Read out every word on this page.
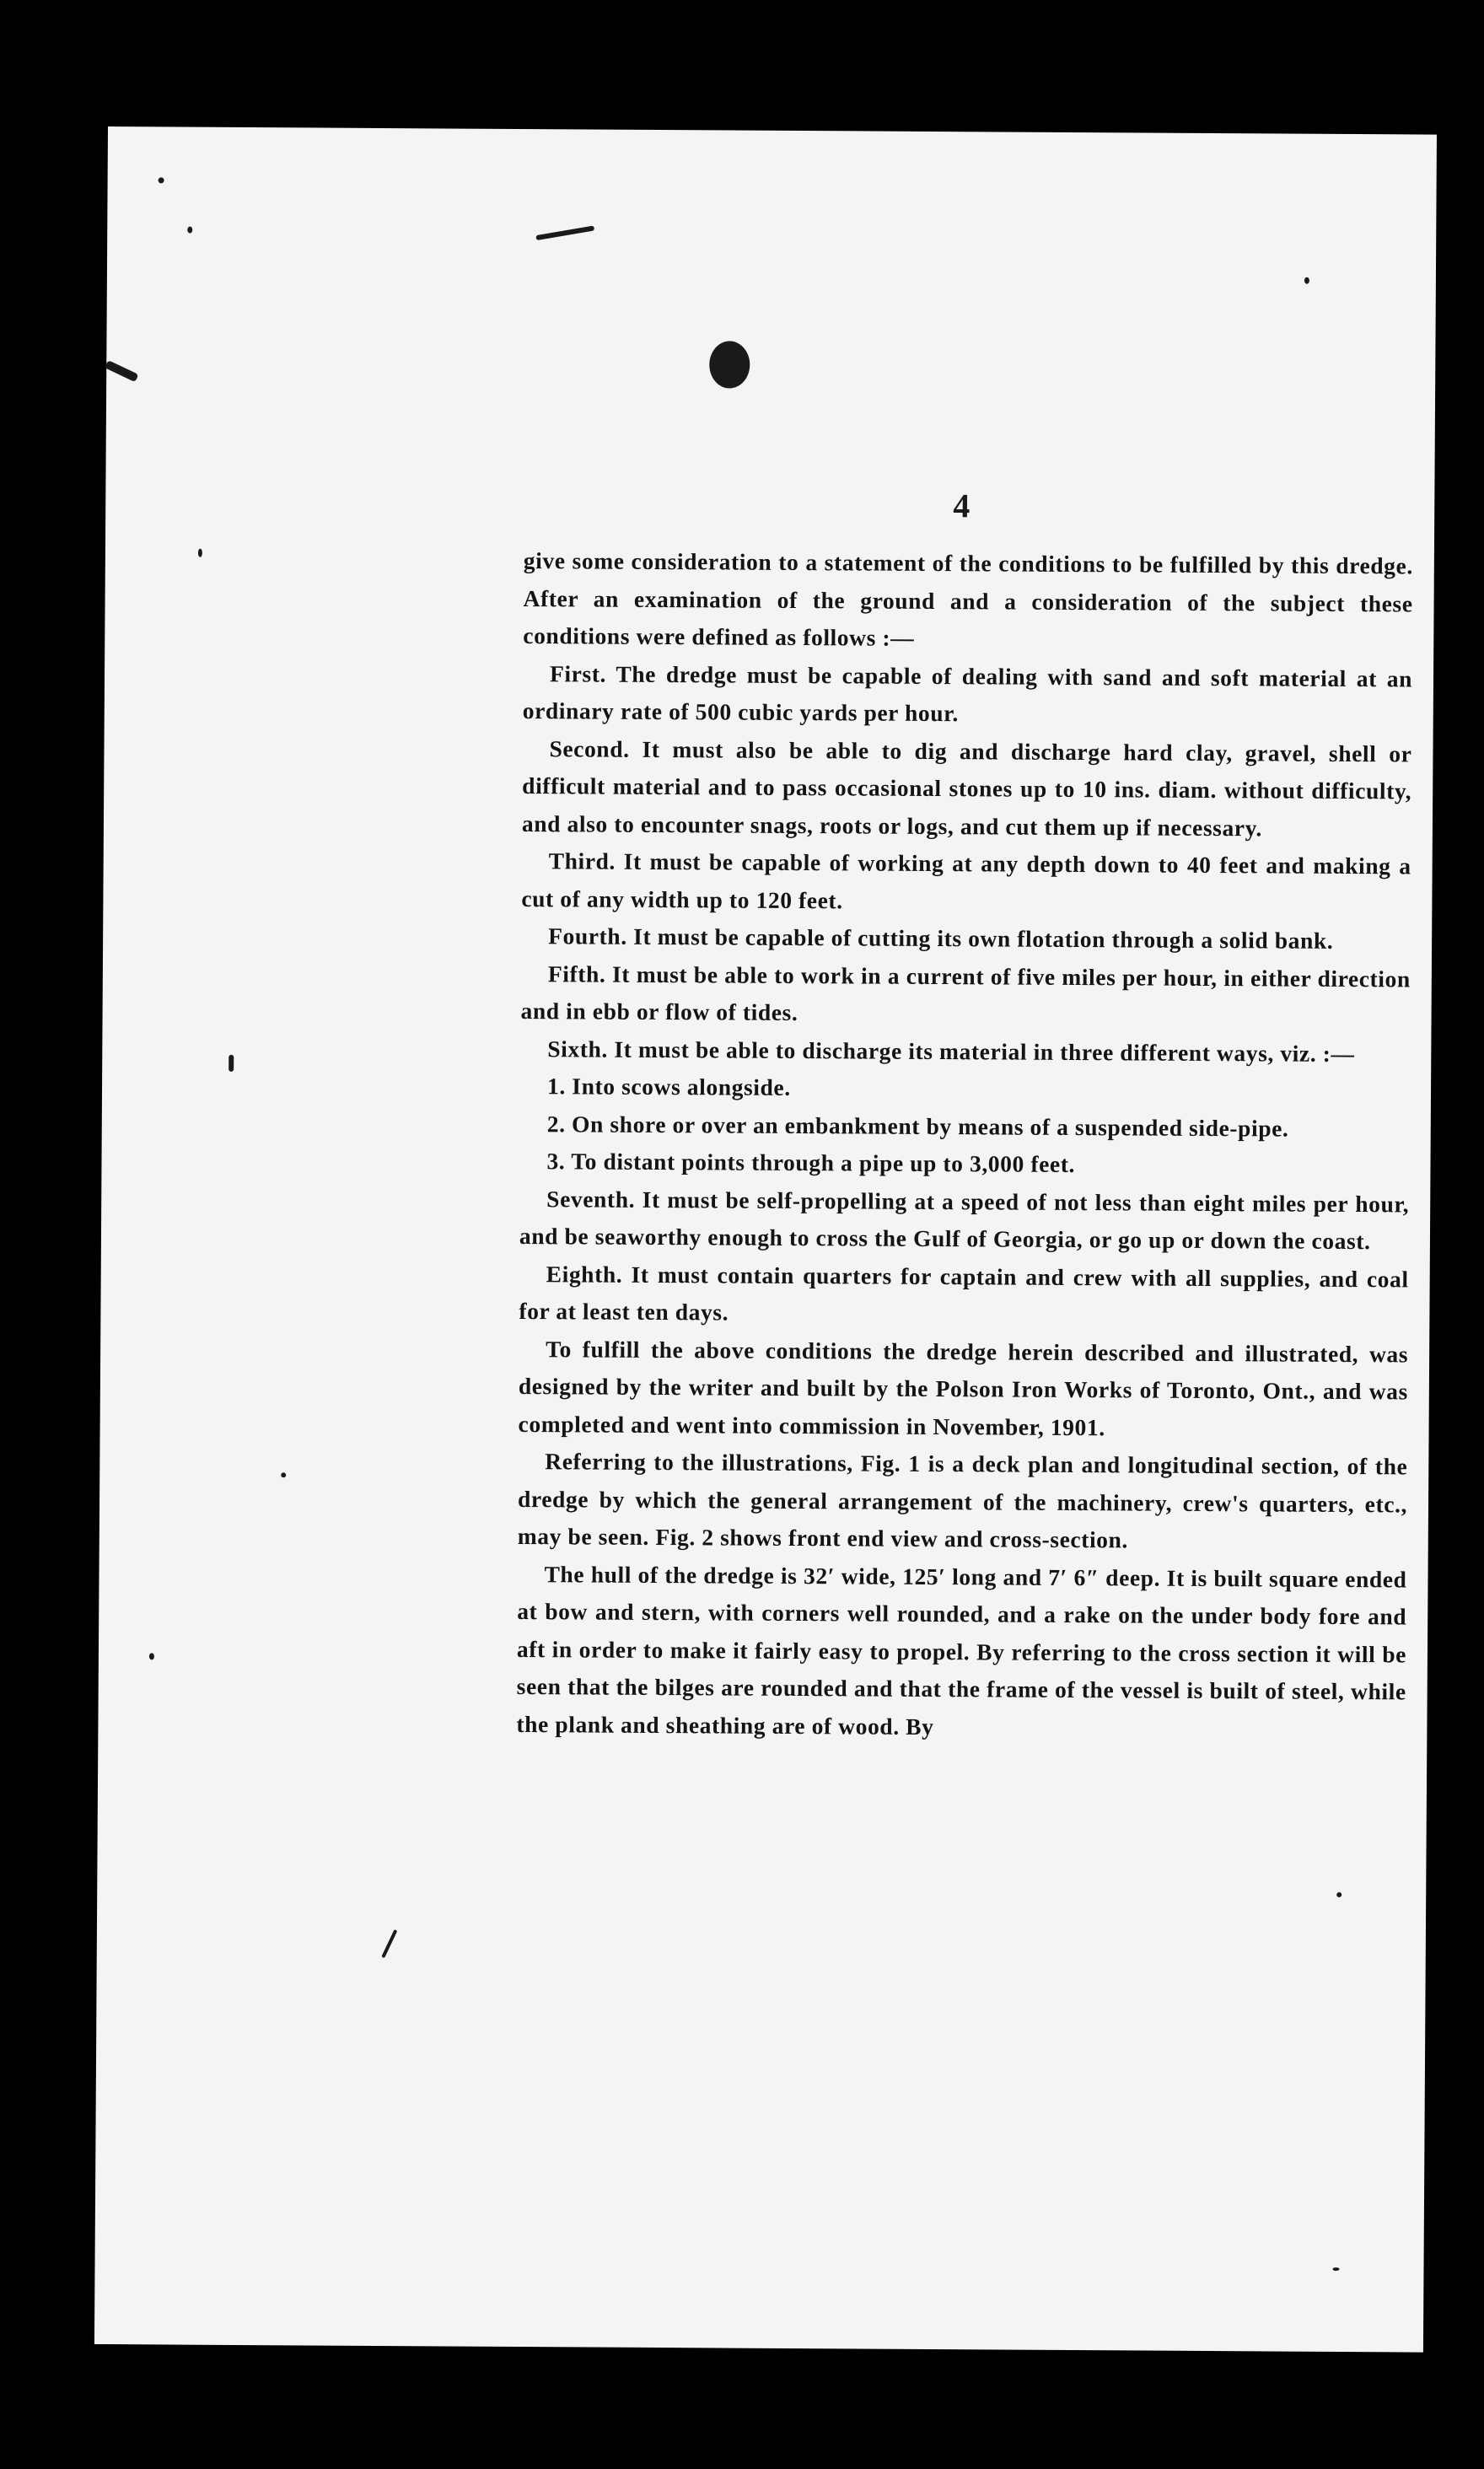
4

give some consideration to a statement of the conditions to be fulfilled by this dredge. After an examination of the ground and a consideration of the subject these conditions were defined as follows :—

First. The dredge must be capable of dealing with sand and soft material at an ordinary rate of 500 cubic yards per hour.

Second. It must also be able to dig and discharge hard clay, gravel, shell or difficult material and to pass occasional stones up to 10 ins. diam. without difficulty, and also to encounter snags, roots or logs, and cut them up if necessary.

Third. It must be capable of working at any depth down to 40 feet and making a cut of any width up to 120 feet.

Fourth. It must be capable of cutting its own flotation through a solid bank.

Fifth. It must be able to work in a current of five miles per hour, in either direction and in ebb or flow of tides.

Sixth. It must be able to discharge its material in three different ways, viz. :—

1. Into scows alongside.

2. On shore or over an embankment by means of a suspended side-pipe.

3. To distant points through a pipe up to 3,000 feet.

Seventh. It must be self-propelling at a speed of not less than eight miles per hour, and be seaworthy enough to cross the Gulf of Georgia, or go up or down the coast.

Eighth. It must contain quarters for captain and crew with all supplies, and coal for at least ten days.

To fulfill the above conditions the dredge herein described and illustrated, was designed by the writer and built by the Polson Iron Works of Toronto, Ont., and was completed and went into commission in November, 1901.

Referring to the illustrations, Fig. 1 is a deck plan and longitudinal section, of the dredge by which the general arrangement of the machinery, crew's quarters, etc., may be seen. Fig. 2 shows front end view and cross-section.

The hull of the dredge is 32′ wide, 125′ long and 7′ 6″ deep. It is built square ended at bow and stern, with corners well rounded, and a rake on the under body fore and aft in order to make it fairly easy to propel. By referring to the cross section it will be seen that the bilges are rounded and that the frame of the vessel is built of steel, while the plank and sheathing are of wood. By
